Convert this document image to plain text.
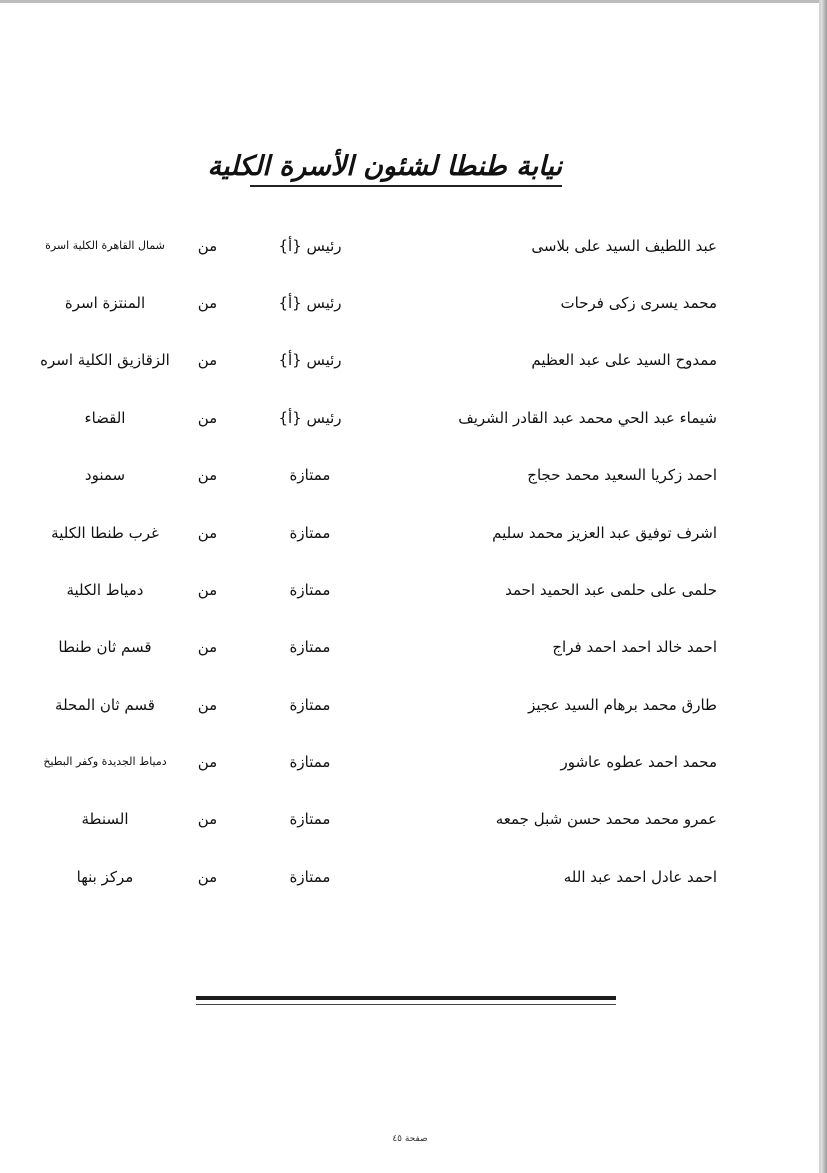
نيابة طنطا لشئون الأسرة الكلية
عبد اللطيف السيد على بلاسى
رئيس {أ}
من
شمال القاهرة الكلية اسرة
محمد يسرى زكى فرحات
رئيس {أ}
من
المنتزة اسرة
ممدوح السيد على عبد العظيم
رئيس {أ}
من
الزقازيق الكلية اسره
شيماء عبد الحي محمد عبد القادر الشريف
رئيس {أ}
من
القضاء
احمد زكريا السعيد محمد حجاج
ممتازة
من
سمنود
اشرف توفيق عبد العزيز محمد سليم
ممتازة
من
غرب طنطا الكلية
حلمى على حلمى عبد الحميد احمد
ممتازة
من
دمياط الكلية
احمد خالد احمد احمد فراج
ممتازة
من
قسم ثان طنطا
طارق محمد برهام السيد عجيز
ممتازة
من
قسم ثان المحلة
محمد احمد عطوه عاشور
ممتازة
من
دمياط الجديدة وكفر البطيخ
عمرو محمد محمد حسن شبل جمعه
ممتازة
من
السنطة
احمد عادل احمد عبد الله
ممتازة
من
مركز بنها
صفحة ٤٥
